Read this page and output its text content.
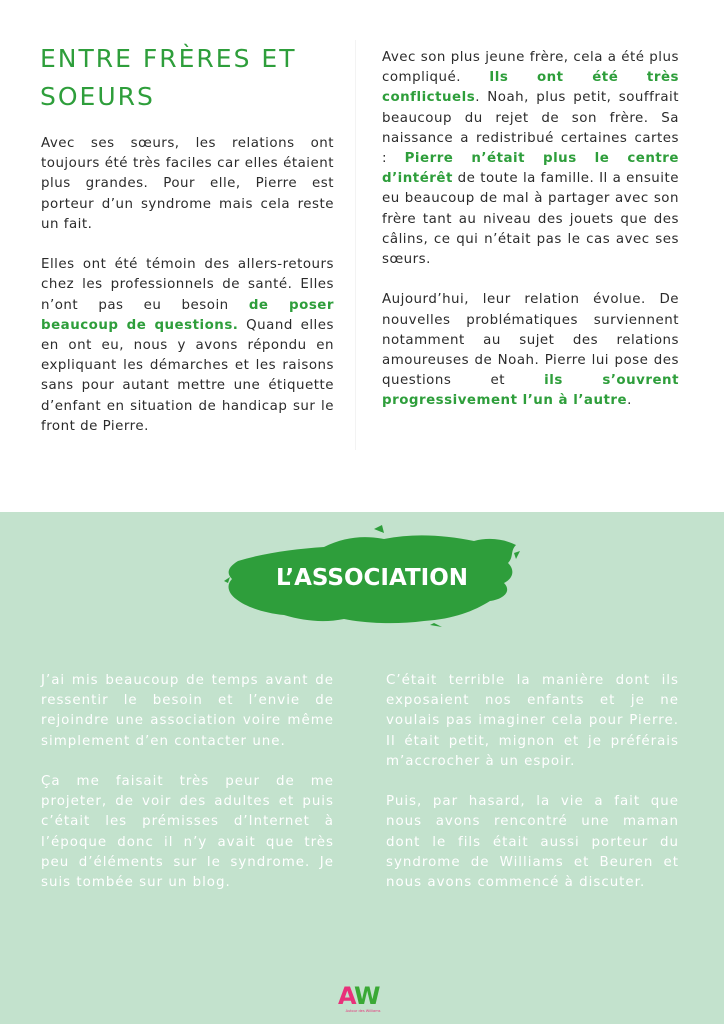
ENTRE FRÈRES ET SOEURS

Avec ses sœurs, les relations ont toujours été très faciles car elles étaient plus grandes. Pour elle, Pierre est porteur d’un syndrome mais cela reste un fait.

Elles ont été témoin des allers-retours chez les professionnels de santé. Elles n’ont pas eu besoin de poser beaucoup de questions. Quand elles en ont eu, nous y avons répondu en expliquant les démarches et les raisons sans pour autant mettre une étiquette d’enfant en situation de handicap sur le front de Pierre.

Avec son plus jeune frère, cela a été plus compliqué. Ils ont été très conflictuels. Noah, plus petit, souffrait beaucoup du rejet de son frère. Sa naissance a redistribué certaines cartes : Pierre n’était plus le centre d’intérêt de toute la famille. Il a ensuite eu beaucoup de mal à partager avec son frère tant au niveau des jouets que des câlins, ce qui n’était pas le cas avec ses sœurs.

Aujourd’hui, leur relation évolue. De nouvelles problématiques surviennent notamment au sujet des relations amoureuses de Noah. Pierre lui pose des questions et ils s’ouvrent progressivement l’un à l’autre.

L’ASSOCIATION

J’ai mis beaucoup de temps avant de ressentir le besoin et l’envie de rejoindre une association voire même simplement d’en contacter une.

Ça me faisait très peur de me projeter, de voir des adultes et puis c’était les prémisses d’Internet à l’époque donc il n’y avait que très peu d’éléments sur le syndrome. Je suis tombée sur un blog.

C’était terrible la manière dont ils exposaient nos enfants et je ne voulais pas imaginer cela pour Pierre. Il était petit, mignon et je préférais m’accrocher à un espoir.

Puis, par hasard, la vie a fait que nous avons rencontré une maman dont le fils était aussi porteur du syndrome de Williams et Beuren et nous avons commencé à discuter.

A
W
Autour des Williams
